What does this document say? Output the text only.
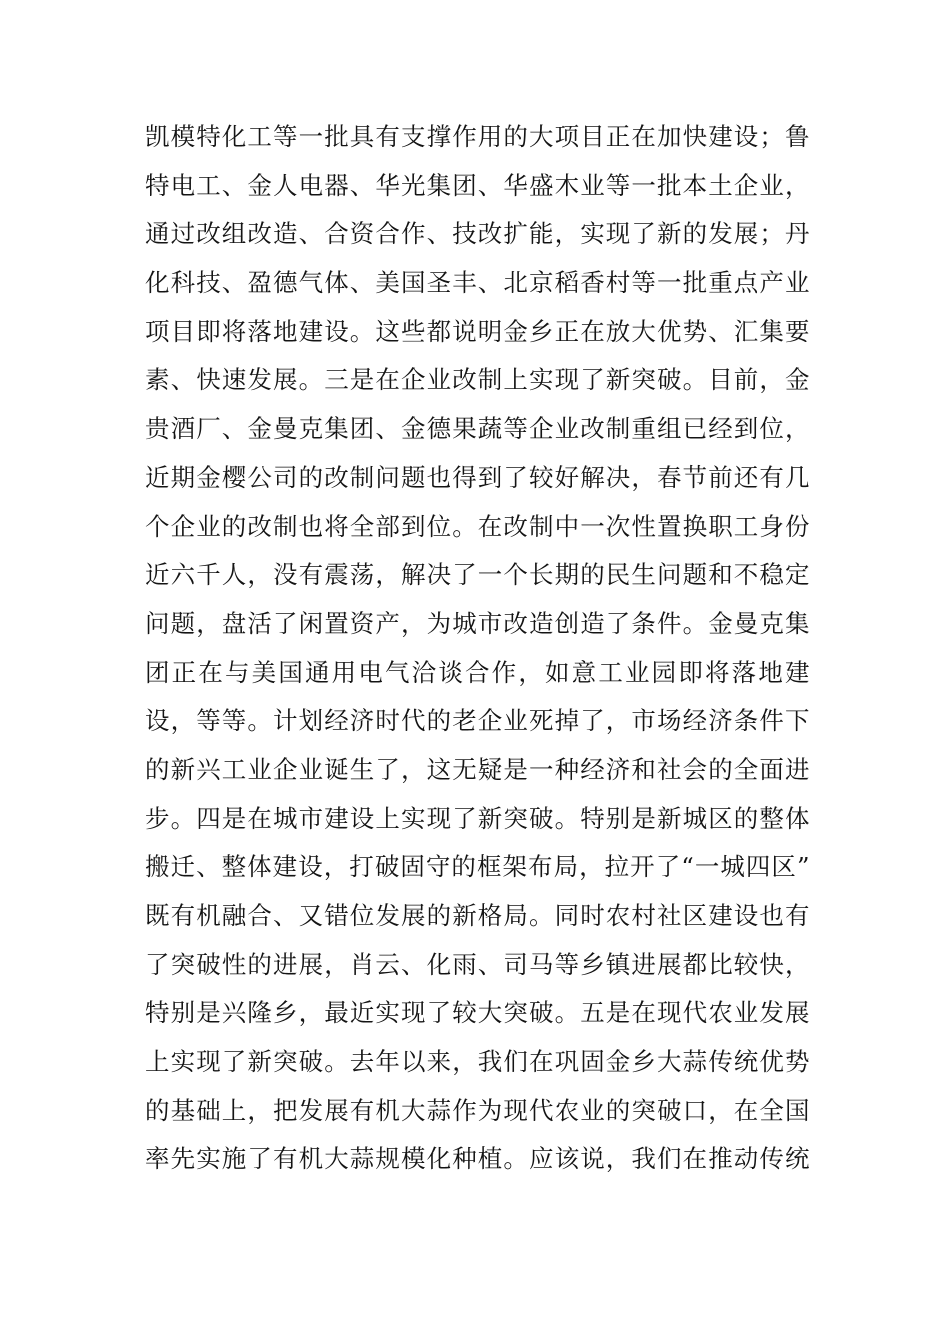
凯模特化工等一批具有支撑作用的大项目正在加快建设；鲁
特电工、金人电器、华光集团、华盛木业等一批本土企业，
通过改组改造、合资合作、技改扩能，实现了新的发展；丹
化科技、盈德气体、美国圣丰、北京稻香村等一批重点产业
项目即将落地建设。这些都说明金乡正在放大优势、汇集要
素、快速发展。三是在企业改制上实现了新突破。目前，金
贵酒厂、金曼克集团、金德果蔬等企业改制重组已经到位，
近期金樱公司的改制问题也得到了较好解决，春节前还有几
个企业的改制也将全部到位。在改制中一次性置换职工身份
近六千人，没有震荡，解决了一个长期的民生问题和不稳定
问题，盘活了闲置资产，为城市改造创造了条件。金曼克集
团正在与美国通用电气洽谈合作，如意工业园即将落地建
设，等等。计划经济时代的老企业死掉了，市场经济条件下
的新兴工业企业诞生了，这无疑是一种经济和社会的全面进
步。四是在城市建设上实现了新突破。特别是新城区的整体
搬迁、整体建设，打破固守的框架布局，拉开了“一城四区”
既有机融合、又错位发展的新格局。同时农村社区建设也有
了突破性的进展，肖云、化雨、司马等乡镇进展都比较快，
特别是兴隆乡，最近实现了较大突破。五是在现代农业发展
上实现了新突破。去年以来，我们在巩固金乡大蒜传统优势
的基础上，把发展有机大蒜作为现代农业的突破口，在全国
率先实施了有机大蒜规模化种植。应该说，我们在推动传统
